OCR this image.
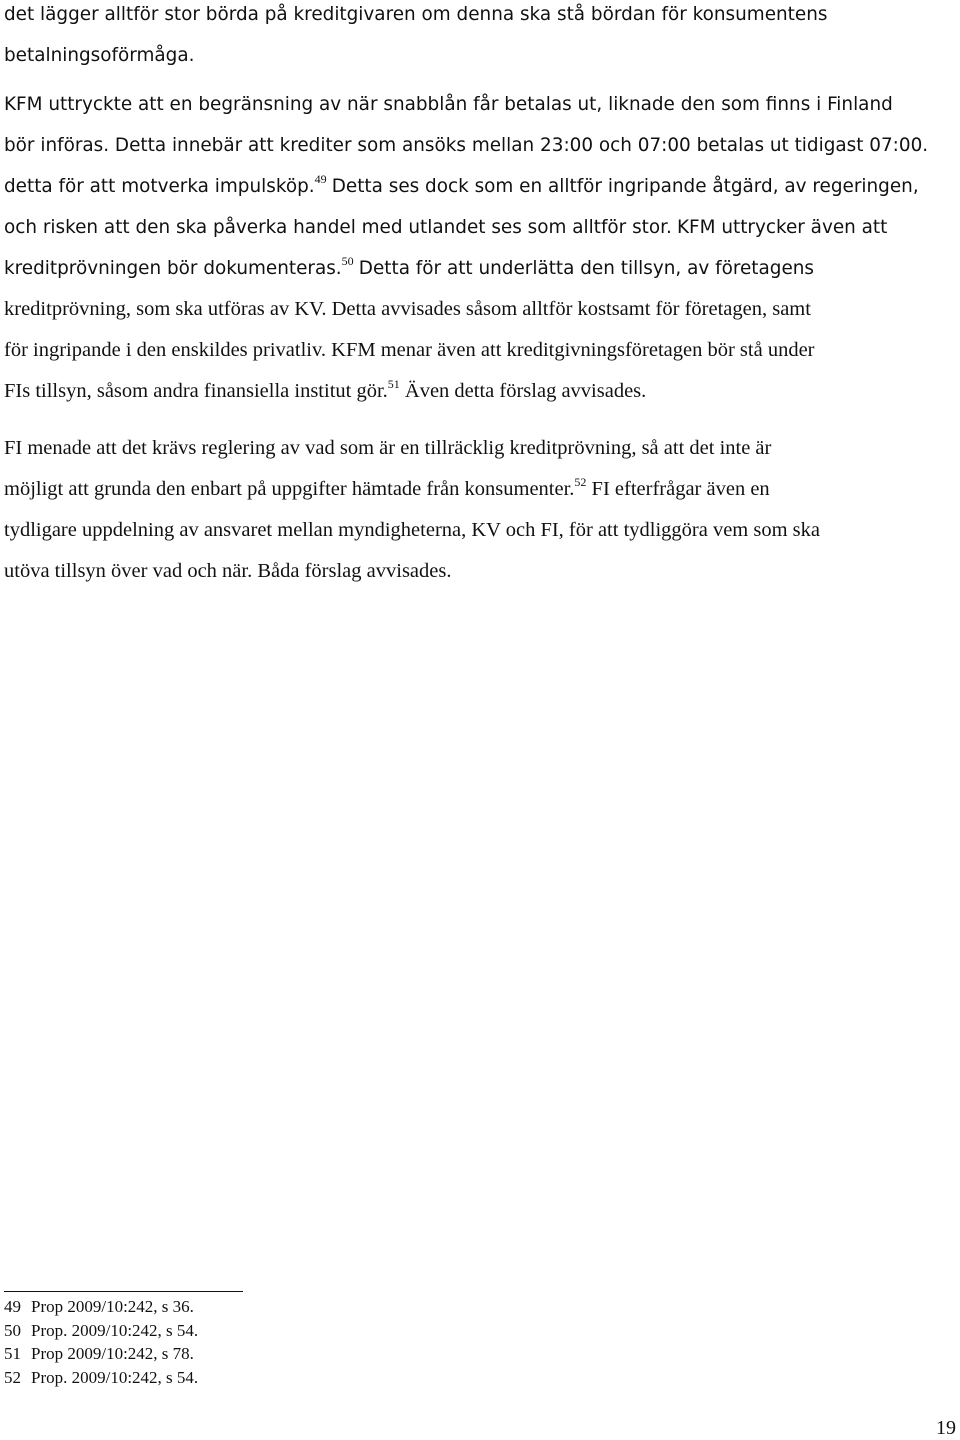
det lägger alltför stor börda på kreditgivaren om denna ska stå bördan för konsumentens
betalningsoförmåga.
KFM uttryckte att en begränsning av när snabblån får betalas ut, liknade den som finns i Finland
bör införas. Detta innebär att krediter som ansöks mellan 23:00 och 07:00 betalas ut tidigast 07:00.
detta för att motverka impulsköp.$^{49}$ Detta ses dock som en alltför ingripande åtgärd, av regeringen,
och risken att den ska påverka handel med utlandet ses som alltför stor. KFM uttrycker även att
kreditprövningen bör dokumenteras.$^{50}$ Detta för att underlätta den tillsyn, av företagens
kreditprövning, som ska utföras av KV. Detta avvisades såsom alltför kostsamt för företagen, samt
för ingripande i den enskildes privatliv. KFM menar även att kreditgivningsföretagen bör stå under
FIs tillsyn, såsom andra finansiella institut gör.$^{51}$ Även detta förslag avvisades.
FI menade att det krävs reglering av vad som är en tillräcklig kreditprövning, så att det inte är
möjligt att grunda den enbart på uppgifter hämtade från konsumenter.$^{52}$ FI efterfrågar även en
tydligare uppdelning av ansvaret mellan myndigheterna, KV och FI, för att tydliggöra vem som ska
utöva tillsyn över vad och när. Båda förslag avvisades.
49 Prop 2009/10:242, s 36.
50 Prop. 2009/10:242, s 54.
51 Prop 2009/10:242, s 78.
52 Prop. 2009/10:242, s 54.
19
